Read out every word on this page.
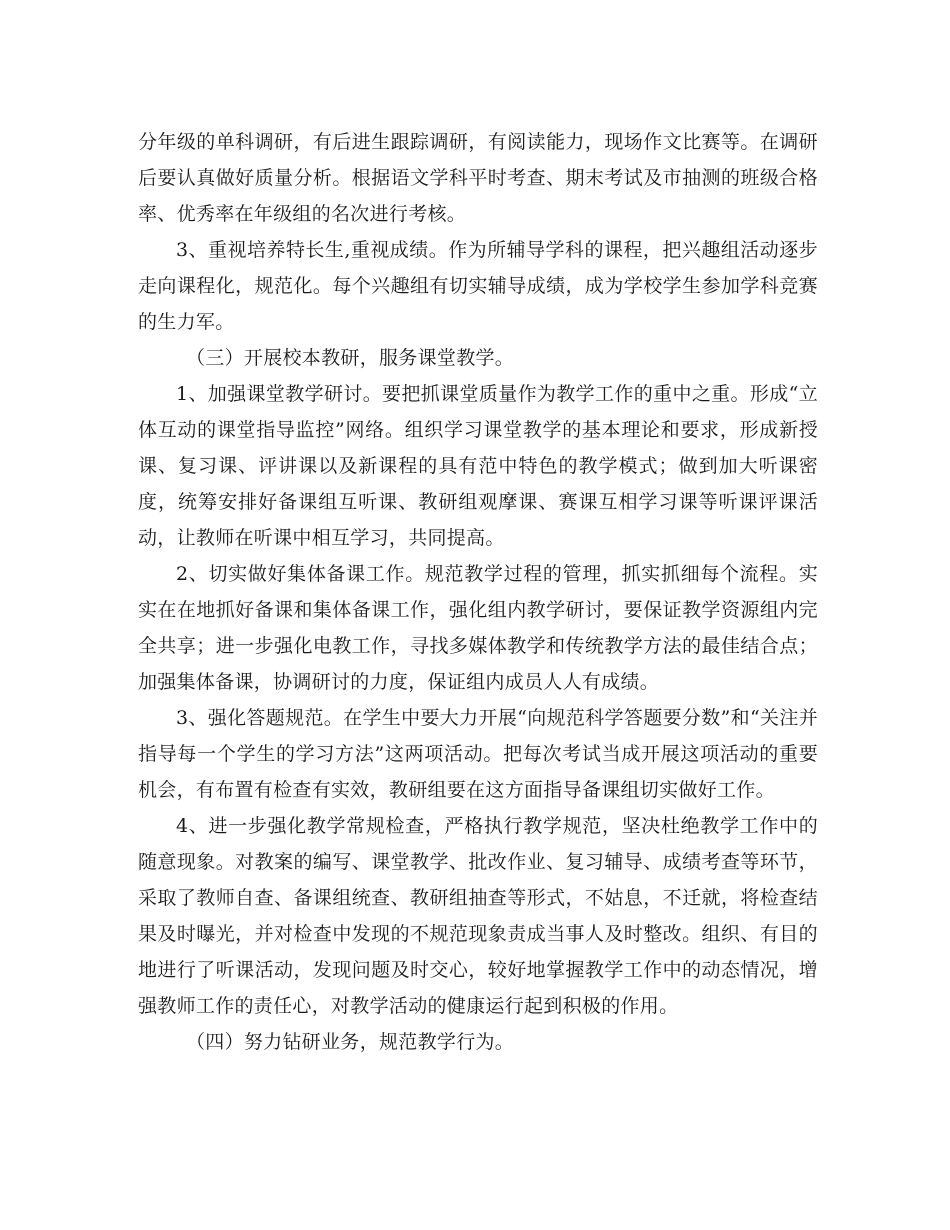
分年级的单科调研，有后进生跟踪调研，有阅读能力，现场作文比赛等。在调研后要认真做好质量分析。根据语文学科平时考查、期末考试及市抽测的班级合格率、优秀率在年级组的名次进行考核。

3、重视培养特长生,重视成绩。作为所辅导学科的课程，把兴趣组活动逐步走向课程化，规范化。每个兴趣组有切实辅导成绩，成为学校学生参加学科竞赛的生力军。

（三）开展校本教研，服务课堂教学。

1、加强课堂教学研讨。要把抓课堂质量作为教学工作的重中之重。形成“立体互动的课堂指导监控”网络。组织学习课堂教学的基本理论和要求，形成新授课、复习课、评讲课以及新课程的具有范中特色的教学模式；做到加大听课密度，统筹安排好备课组互听课、教研组观摩课、赛课互相学习课等听课评课活动，让教师在听课中相互学习，共同提高。

2、切实做好集体备课工作。规范教学过程的管理，抓实抓细每个流程。实实在在地抓好备课和集体备课工作，强化组内教学研讨，要保证教学资源组内完全共享；进一步强化电教工作，寻找多媒体教学和传统教学方法的最佳结合点；加强集体备课，协调研讨的力度，保证组内成员人人有成绩。

3、强化答题规范。在学生中要大力开展“向规范科学答题要分数”和“关注并指导每一个学生的学习方法”这两项活动。把每次考试当成开展这项活动的重要机会，有布置有检查有实效，教研组要在这方面指导备课组切实做好工作。

4、进一步强化教学常规检查，严格执行教学规范，坚决杜绝教学工作中的随意现象。对教案的编写、课堂教学、批改作业、复习辅导、成绩考查等环节，采取了教师自查、备课组统查、教研组抽查等形式，不姑息，不迁就，将检查结果及时曝光，并对检查中发现的不规范现象责成当事人及时整改。组织、有目的地进行了听课活动，发现问题及时交心，较好地掌握教学工作中的动态情况，增强教师工作的责任心，对教学活动的健康运行起到积极的作用。

（四）努力钻研业务，规范教学行为。
